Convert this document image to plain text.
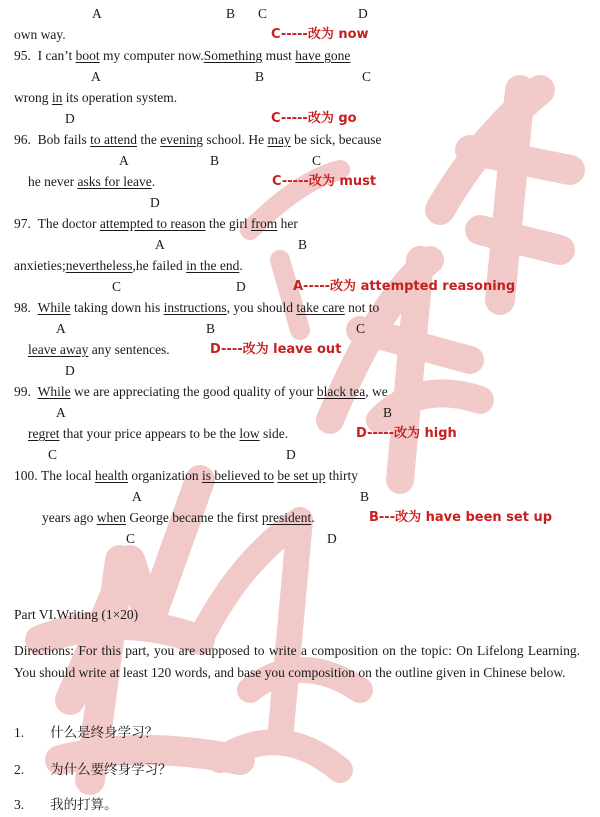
A	B C	D
own way.	C-----改为 now
95. I can’t boot my computer now.Something must have gone
A	B	C
wrong in its operation system.
D	C-----改为 go
96. Bob fails to attend the evening school. He may be sick, because
A	B	C
he never asks for leave.	C-----改为 must
D
97. The doctor attempted to reason the girl from her
A	B
anxieties;nevertheless,he failed in the end.
C	D	A-----改为 attempted reasoning
98. While taking down his instructions, you should take care not to
A	B	C
leave away any sentences.	D----改为 leave out
D
99. While we are appreciating the good quality of your black tea, we
A	B
regret that your price appears to be the low side.	D-----改为 high
C	D
100. The local health organization is believed to be set up thirty
A	B
years ago when George became the first president.	B---改为 have been set up
C	D
Part VI.Writing (1×20)
Directions: For this part, you are supposed to write a composition on the topic: On Lifelong Learning. You should write at least 120 words, and base you composition on the outline given in Chinese below.
1. 什么是终身学习？
2. 为什么要终身学习？
3. 我的打算。
